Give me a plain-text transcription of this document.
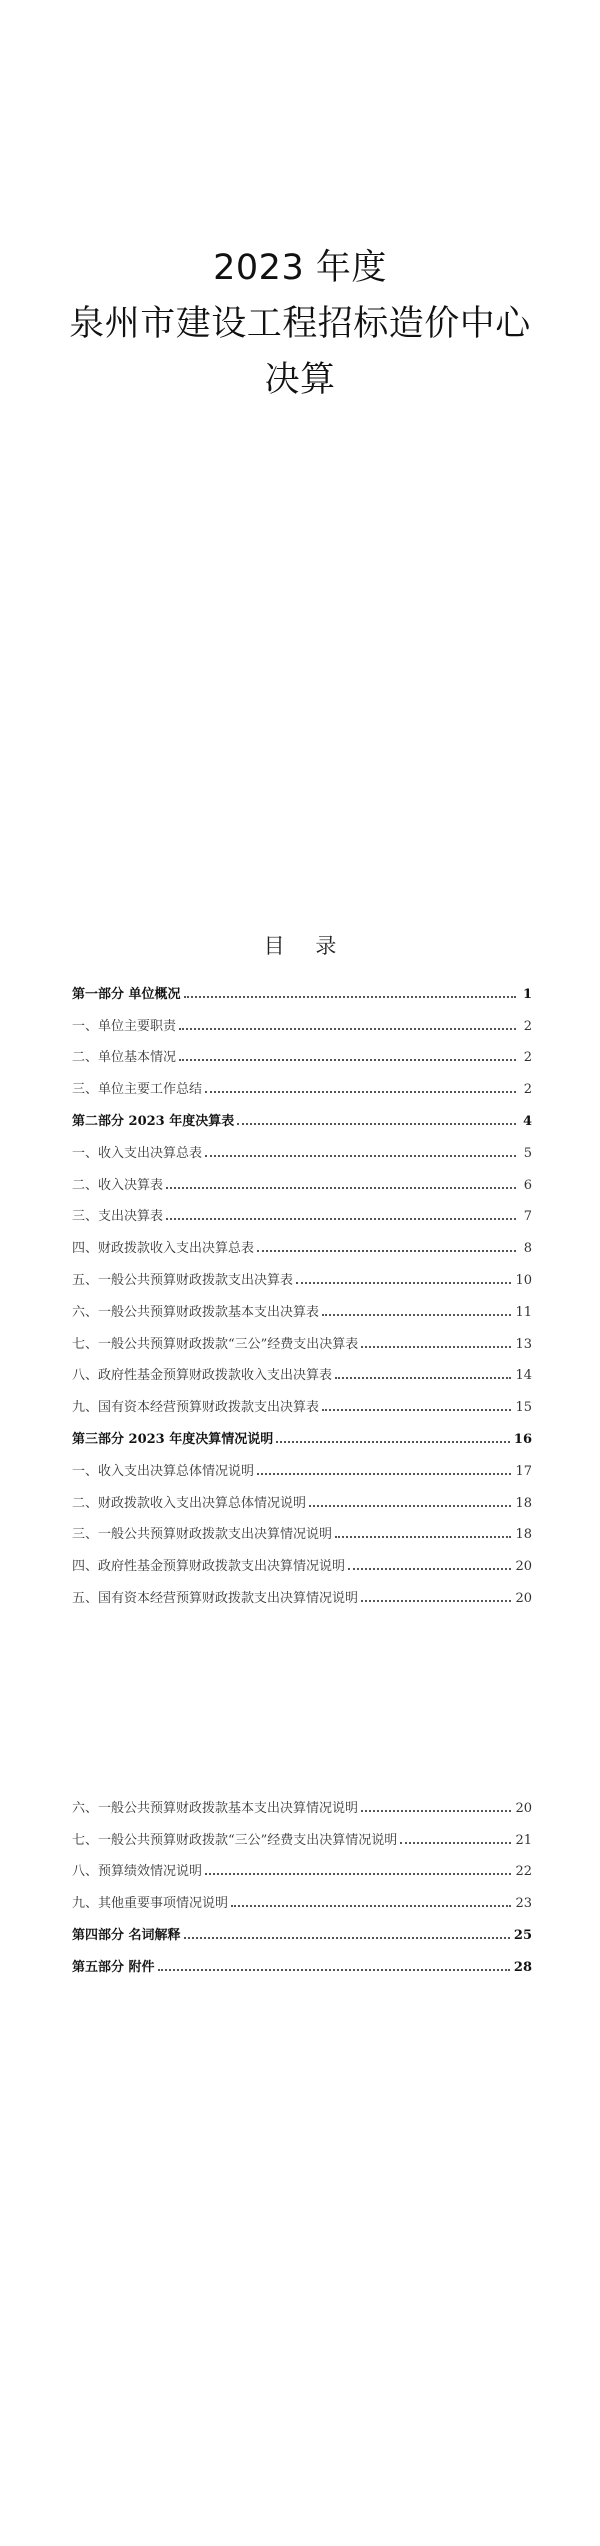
2023 年度
泉州市建设工程招标造价中心
决算
目 录
第一部分 单位概况	1
一、单位主要职责	2
二、单位基本情况	2
三、单位主要工作总结	2
第二部分 2023 年度决算表	4
一、收入支出决算总表	5
二、收入决算表	6
三、支出决算表	7
四、财政拨款收入支出决算总表	8
五、一般公共预算财政拨款支出决算表	10
六、一般公共预算财政拨款基本支出决算表	11
七、一般公共预算财政拨款“三公”经费支出决算表	13
八、政府性基金预算财政拨款收入支出决算表	14
九、国有资本经营预算财政拨款支出决算表	15
第三部分 2023 年度决算情况说明	16
一、收入支出决算总体情况说明	17
二、财政拨款收入支出决算总体情况说明	18
三、一般公共预算财政拨款支出决算情况说明	18
四、政府性基金预算财政拨款支出决算情况说明	20
五、国有资本经营预算财政拨款支出决算情况说明	20
六、一般公共预算财政拨款基本支出决算情况说明	20
七、一般公共预算财政拨款“三公”经费支出决算情况说明	21
八、预算绩效情况说明	22
九、其他重要事项情况说明	23
第四部分 名词解释	25
第五部分 附件	28
